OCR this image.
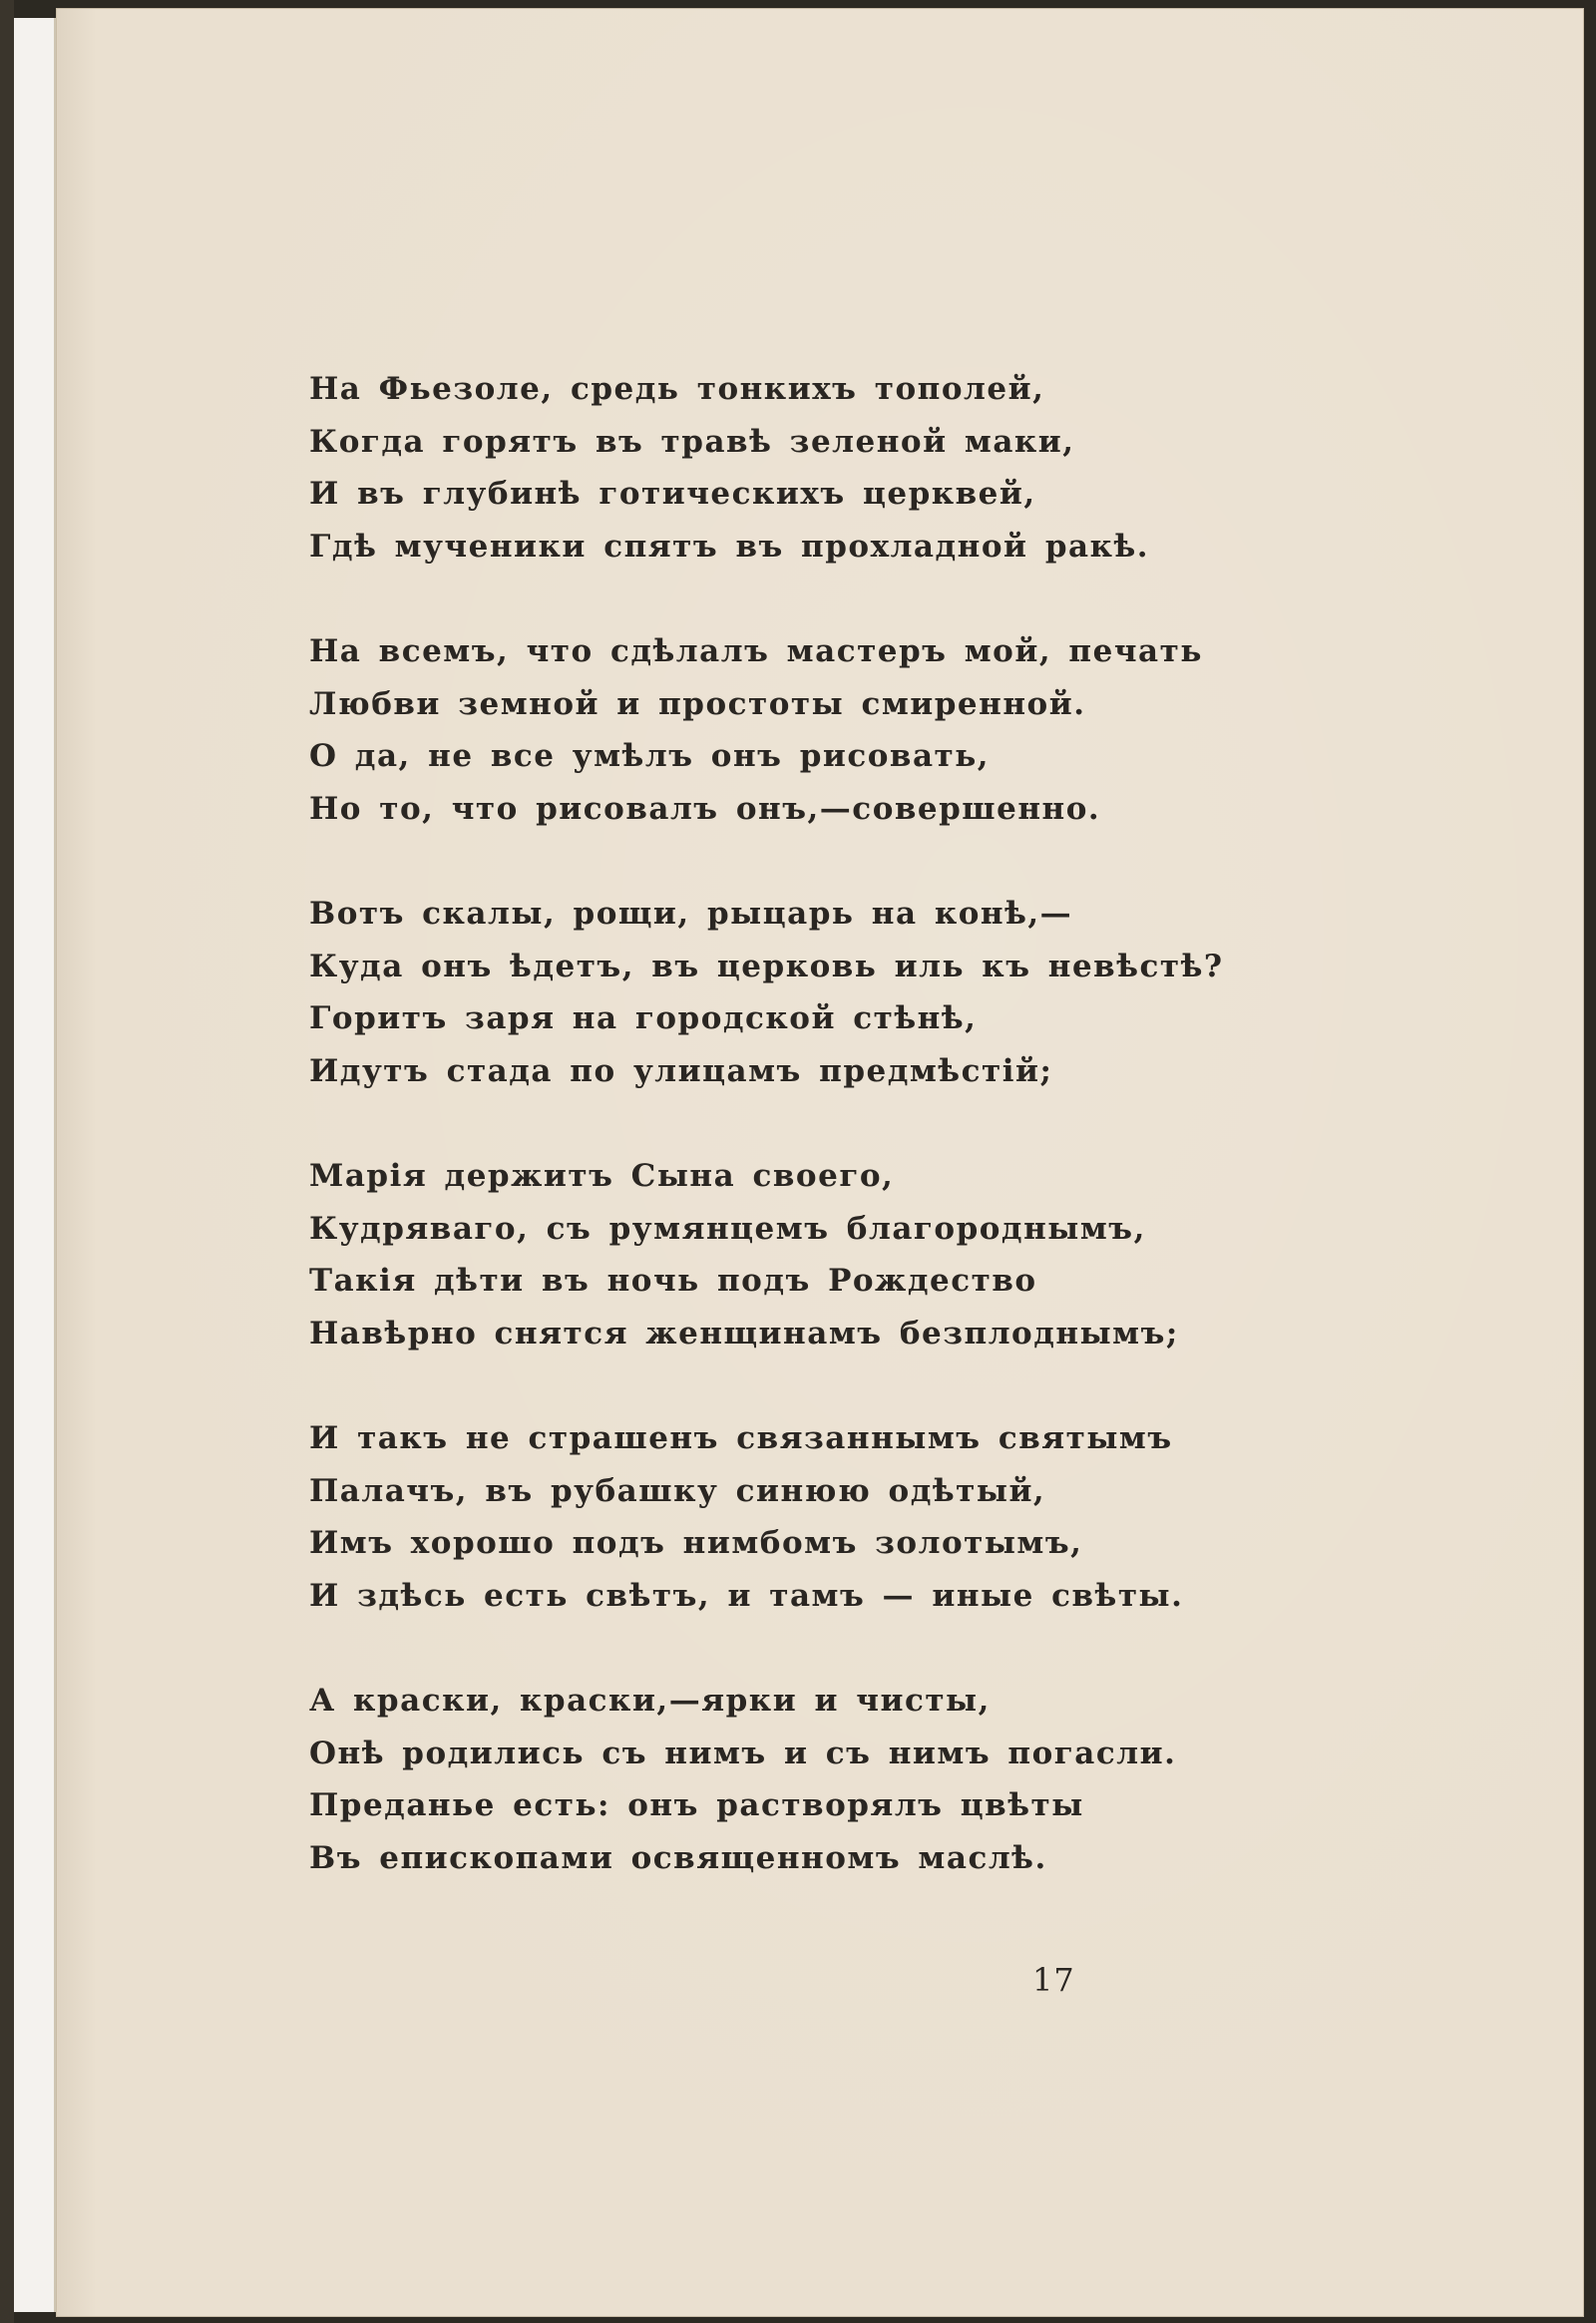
На Фьезоле, средь тонкихъ тополей,
Когда горятъ въ травѣ зеленой маки,
И въ глубинѣ готическихъ церквей,
Гдѣ мученики спятъ въ прохладной ракѣ.
На всемъ, что сдѣлалъ мастеръ мой, печать
Любви земной и простоты смиренной.
О да, не все умѣлъ онъ рисовать,
Но то, что рисовалъ онъ,—совершенно.
Вотъ скалы, рощи, рыцарь на конѣ,—
Куда онъ ѣдетъ, въ церковь иль къ невѣстѣ?
Горитъ заря на городской стѣнѣ,
Идутъ стада по улицамъ предмѣстій;
Марія держитъ Сына своего,
Кудряваго, съ румянцемъ благороднымъ,
Такія дѣти въ ночь подъ Рождество
Навѣрно снятся женщинамъ безплоднымъ;
И такъ не страшенъ связаннымъ святымъ
Палачъ, въ рубашку синюю одѣтый,
Имъ хорошо подъ нимбомъ золотымъ,
И здѣсь есть свѣтъ, и тамъ — иные свѣты.
А краски, краски,—ярки и чисты,
Онѣ родились съ нимъ и съ нимъ погасли.
Преданье есть: онъ растворялъ цвѣты
Въ епископами освященномъ маслѣ.
17
